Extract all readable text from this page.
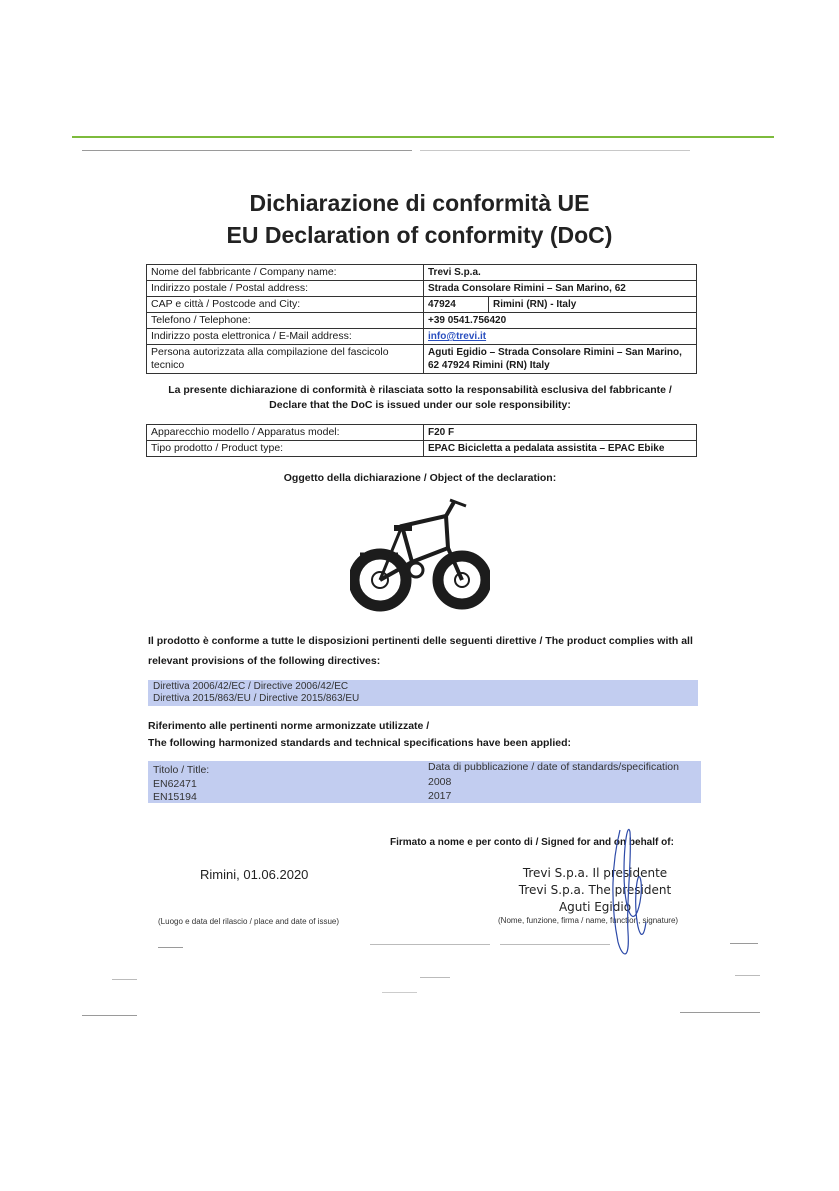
Dichiarazione di conformità UE
EU Declaration of conformity (DoC)
Nome del fabbricante / Company name:	Trevi S.p.a.	
Indirizzo postale / Postal address:	Strada Consolare Rimini – San Marino, 62	
CAP e città / Postcode and City:	47924	Rimini (RN) - Italy
Telefono / Telephone:	+39 0541.756420	
Indirizzo posta elettronica / E-Mail address:	info@trevi.it	
Persona autorizzata alla compilazione del fascicolo tecnico	Aguti Egidio – Strada Consolare Rimini – San Marino, 62 47924 Rimini (RN) Italy	
La presente dichiarazione di conformità è rilasciata sotto la responsabilità esclusiva del fabbricante /
Declare that the DoC is issued under our sole responsibility:
Apparecchio modello / Apparatus model:	F20 F
Tipo prodotto / Product type:	EPAC Bicicletta a pedalata assistita – EPAC Ebike
Oggetto della dichiarazione / Object of the declaration:
Il prodotto è conforme a tutte le disposizioni pertinenti delle seguenti direttive / The product complies with all
relevant provisions of the following directives:
Direttiva 2006/42/EC / Directive 2006/42/EC
Direttiva 2015/863/EU / Directive 2015/863/EU
Riferimento alle pertinenti norme armonizzate utilizzate /
The following harmonized standards and technical specifications have been applied:
Titolo / Title:	Data di pubblicazione / date of standards/specification
EN62471	2008
EN15194	2017
Firmato a nome e per conto di / Signed for and on behalf of:
Rimini, 01.06.2020
(Luogo e data del rilascio / place and date of issue)
Trevi S.p.a. Il presidente
Trevi S.p.a. The president
Aguti Egidio
(Nome, funzione, firma / name, function, signature)
